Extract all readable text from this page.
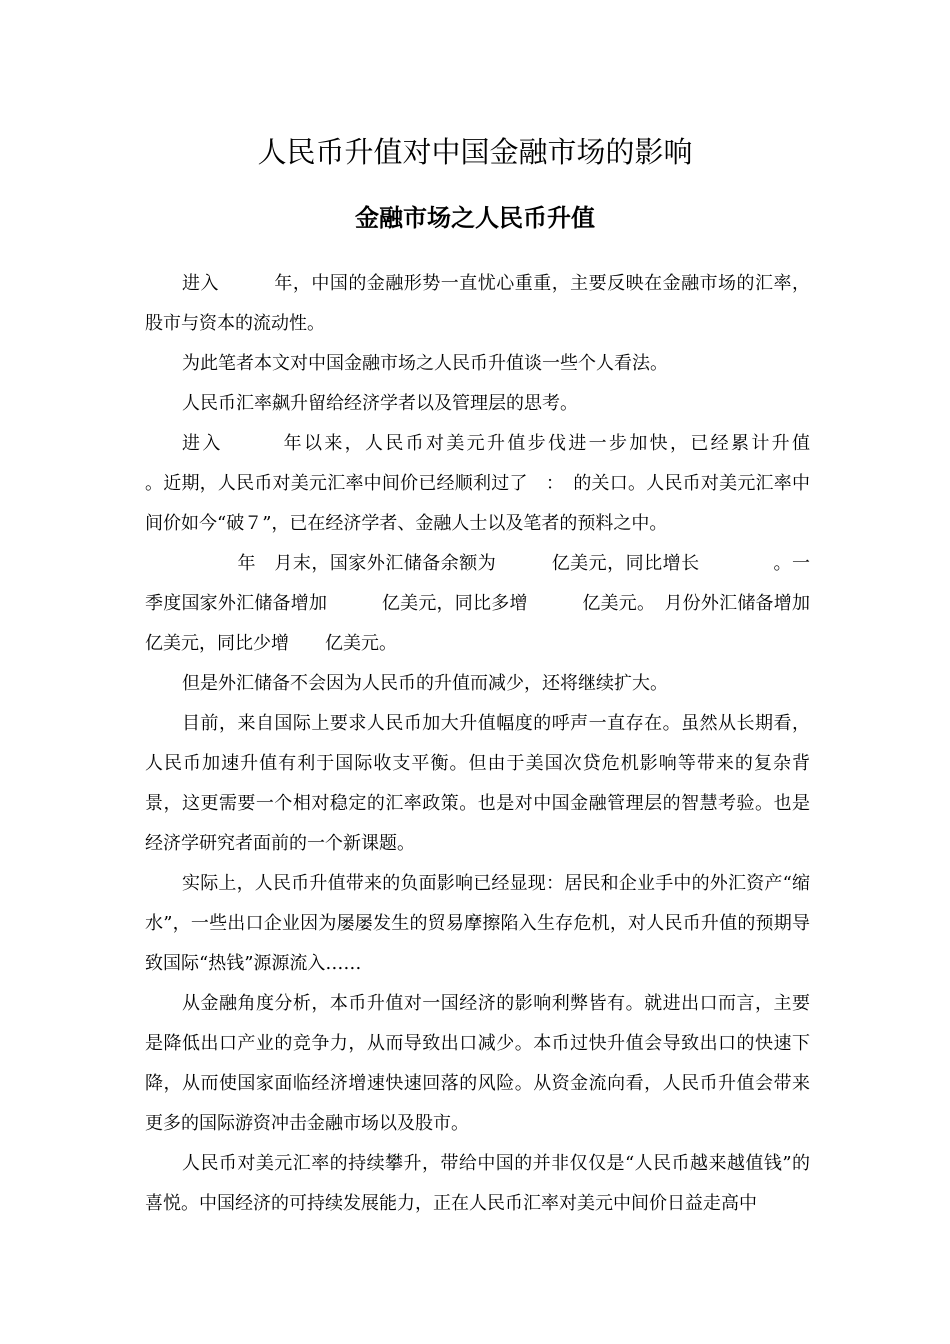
人民币升值对中国金融市场的影响
金融市场之人民币升值

进入　　　年，中国的金融形势一直忧心重重，主要反映在金融市场的汇率，股市与资本的流动性。

为此笔者本文对中国金融市场之人民币升值谈一些个人看法。

人民币汇率飙升留给经济学者以及管理层的思考。

进入　　　年以来，人民币对美元升值步伐进一步加快，已经累计升值　　　。近期，人民币对美元汇率中间价已经顺利过了　：　的关口。人民币对美元汇率中间价如今“破７”，已在经济学者、金融人士以及笔者的预料之中。

　　　年　月末，国家外汇储备余额为　　　亿美元，同比增长　　　　。一季度国家外汇储备增加　　　亿美元，同比多增　　　亿美元。　月份外汇储备增加　　亿美元，同比少增　　亿美元。

但是外汇储备不会因为人民币的升值而减少，还将继续扩大。

目前，来自国际上要求人民币加大升值幅度的呼声一直存在。虽然从长期看，人民币加速升值有利于国际收支平衡。但由于美国次贷危机影响等带来的复杂背景，这更需要一个相对稳定的汇率政策。也是对中国金融管理层的智慧考验。也是经济学研究者面前的一个新课题。

实际上，人民币升值带来的负面影响已经显现：居民和企业手中的外汇资产“缩水”，一些出口企业因为屡屡发生的贸易摩擦陷入生存危机，对人民币升值的预期导致国际“热钱”源源流入……

从金融角度分析，本币升值对一国经济的影响利弊皆有。就进出口而言，主要是降低出口产业的竞争力，从而导致出口减少。本币过快升值会导致出口的快速下降，从而使国家面临经济增速快速回落的风险。从资金流向看，人民币升值会带来更多的国际游资冲击金融市场以及股市。

人民币对美元汇率的持续攀升，带给中国的并非仅仅是“人民币越来越值钱”的喜悦。中国经济的可持续发展能力，正在人民币汇率对美元中间价日益走高中
